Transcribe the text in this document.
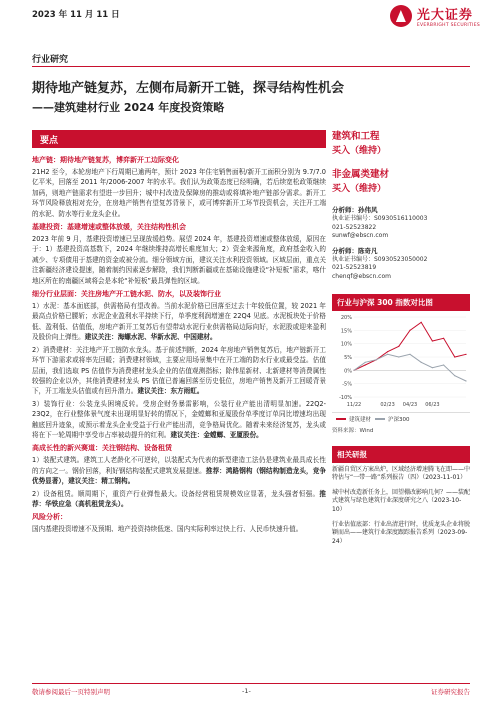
2023 年 11 月 11 日	光大证券
EVERBRIGHT SECURITIES
行业研究
期待地产链复苏，左侧布局新开工链，探寻结构性机会
——建筑建材行业 2024 年度投资策略
要点
地产链：期待地产链复苏，博弈新开工边际变化
21H2 至今，本轮房地产下行周期已逾两年，预计 2023 年住宅销售面积/新开工面积分别为 9.7/7.0 亿平米，回落至 2011 年/2006-2007 年的水平。我们认为政策态度已经明确，若后续宽松政策继续加码，则地产链需求有望进一步回升；城中村改造及保障房的推动或将填补地产链部分需求。新开工环节风险释放相对充分，在房地产销售有望复苏背景下，或可博弈新开工环节投资机会，关注开工端的水泥、防水等行业龙头企业。
基建投资：基建增速或整体放缓，关注结构性机会
2023 年前 9 月，基建投资增速已呈现放缓趋势。展望 2024 年，基建投资增速或整体放缓，原因在于：1）基建投资高基数下，2024 年继续维持高增长难度加大；2）资金来源角度，政府基金收入的减少、专项债用于基建的资金或被分流。细分领域方面，建议关注水利投资领域。区域层面，重点关注新疆经济建设提速，随着制约因素逐步解除，我们判断新疆或在基础设施建设“补短板”需求，喀什地区所在的南疆区域将会是本轮“补短板”最具弹性的区域。
细分行业层面：关注房地产开工链水泥、防水，以及装饰行业
1）水泥：基本面底部，供需格局有望改善。当前水泥价格已回落至过去十年较低位置，较 2021 年最高点价格已腰斩；水泥企业盈利水平持续下行，单季度利润增速在 22Q4 见底。水泥板块处于价格低、盈利低、估值低，房地产新开工复苏后有望带动水泥行业供需格局边际向好，水泥股或迎来盈利及股价向上弹性。建议关注：海螺水泥、华新水泥、中国建材。
2）消费建材：关注地产开工链防水龙头。基于前述判断，2024 年房地产销售复苏后，地产链新开工环节下游需求或将率先回暖；消费建材领域，主要应用场景集中在开工端的防水行业或最受益。估值层面，我们选取 PS 估值作为消费建材龙头企业的估值观测指标；除伟星新材、北新建材等消费属性较强的企业以外，其他消费建材龙头 PS 估值已普遍回落至历史低位，房地产销售及新开工回暖背景下，开工端龙头估值或有回升潜力。建议关注：东方雨虹。
3）装饰行业：公装龙头困境反转。受房企财务暴雷影响，公装行业产能出清明显加速。22Q2-23Q2，在行业整体景气度未出现明显好转的情况下，金螳螂和亚厦股份单季度订单同比增速均出现触底回升迹象，或预示着龙头企业受益于行业产能出清，竞争格局优化。随着未来经济复苏，龙头或将在下一轮周期中享受市占率被动提升的红利。建议关注：金螳螂、亚厦股份。
高成长性的新兴赛道：关注钢结构、设备租赁
1）装配式建筑。建筑工人老龄化不可逆转，以装配式为代表的新型建造工法仍是建筑业最具成长性的方向之一。钢价回落，利好钢结构装配式建筑发展提速。推荐：鸿路钢构（钢结构制造龙头，竞争优势显著），建议关注：精工钢构。
2）设备租赁。顺周期下，重资产行业弹性最大。设备经营租赁规模效应显著，龙头强者恒强。推荐：华铁应急（高机租赁龙头）。
风险分析：
国内基建投资增速不及预期、地产投资持续低迷、国内实际利率过快上行、人民币快速升值。
建筑和工程
买入（维持）
非金属类建材
买入（维持）
分析师：孙伟风
执业证书编号：S0930516110003
021-52523822
sunwf@ebscn.com
分析师：陈奇凡
执业证书编号：S0930523050002
021-52523819
chenqf@ebscn.com
行业与沪深 300 指数对比图
-10%
-5%
0%
5%
10%
15%
20%
11/22	02/23 04/23 06/23
建筑建材	沪深300
资料来源：Wind
相关研报
新疆自贸区方案出炉，区域经济增速腾飞在即——中特估与“一带一路”系列报告（四）（2023-11-01）
城中村改造新任务上，回望棚改影响几何？——装配式建筑与绿色建筑行业深度研究之八（2023-10-10）
行业估值底部：行业出清进行时，优质龙头企业将脱颖而出——建筑行业深度跟踪报告系列（2023-09-24）
敬请参阅最后一页特别声明	-1-	证券研究报告
